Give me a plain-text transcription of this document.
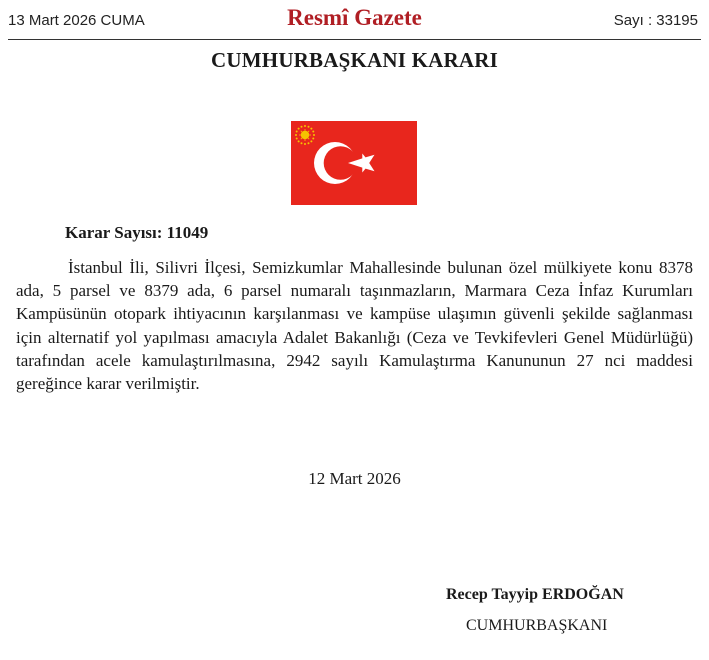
13 Mart 2026 CUMA	Resmî Gazete	Sayı : 33195
CUMHURBAŞKANI KARARI
Karar Sayısı: 11049

İstanbul İli, Silivri İlçesi, Semizkumlar Mahallesinde bulunan özel mülkiyete konu 8378 ada, 5 parsel ve 8379 ada, 6 parsel numaralı taşınmazların, Marmara Ceza İnfaz Kurumları Kampüsünün otopark ihtiyacının karşılanması ve kampüse ulaşımın güvenli şekilde sağlanması için alternatif yol yapılması amacıyla Adalet Bakanlığı (Ceza ve Tevkifevleri Genel Müdürlüğü) tarafından acele kamulaştırılmasına, 2942 sayılı Kamulaştırma Kanununun 27 nci maddesi gereğince karar verilmiştir.

12 Mart 2026
Recep Tayyip ERDOĞAN
CUMHURBAŞKANI
